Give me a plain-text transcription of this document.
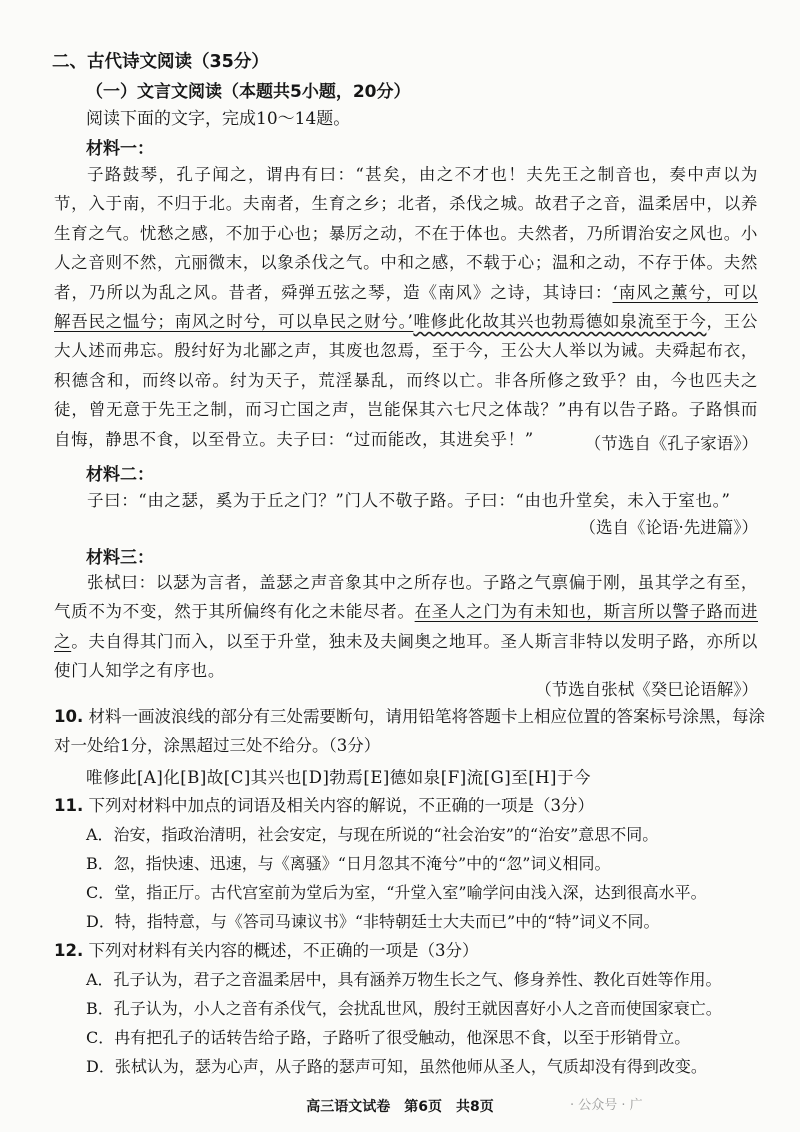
二、古代诗文阅读（35分）
（一）文言文阅读（本题共5小题，20分）
阅读下面的文字，完成10～14题。
材料一：
子路鼓琴，孔子闻之，谓冉有曰：“甚矣，由之不才也！夫先王之制音也，奏中声以为节，入于南，不归于北。夫南者，生育之乡；北者，杀伐之城。故君子之音，温柔居中，以养生育之气。忧愁之感，不加于心也；暴厉之动，不在于体也。夫然者，乃所谓治安之风也。小人之音则不然，亢丽微末，以象杀伐之气。中和之感，不载于心；温和之动，不存于体。夫然者，乃所以为乱之风。昔者，舜弹五弦之琴，造《南风》之诗，其诗曰：‘南风之薰兮，可以解吾民之愠兮；南风之时兮，可以阜民之财兮。’唯修此化故其兴也勃焉德如泉流至于今，王公大人述而弗忘。殷纣好为北鄙之声，其废也忽焉，至于今，王公大人举以为诫。夫舜起布衣，积德含和，而终以帝。纣为天子，荒淫暴乱，而终以亡。非各所修之致乎？由，今也匹夫之徒，曾无意于先王之制，而习亡国之声，岂能保其六七尺之体哉？”冉有以告子路。子路惧而自悔，静思不食，以至骨立。夫子曰：“过而能改，其进矣乎！”	（节选自《孔子家语》）
材料二：
子曰：“由之瑟，奚为于丘之门？”门人不敬子路。子曰：“由也升堂矣，未入于室也。”
（选自《论语·先进篇》）
材料三：
张栻曰：以瑟为言者，盖瑟之声音象其中之所存也。子路之气禀偏于刚，虽其学之有至，气质不为不变，然于其所偏终有化之未能尽者。在圣人之门为有未知也，斯言所以警子路而进之。夫自得其门而入，以至于升堂，独未及夫阃奥之地耳。圣人斯言非特以发明子路，亦所以使门人知学之有序也。
（节选自张栻《癸巳论语解》）
10. 材料一画波浪线的部分有三处需要断句，请用铅笔将答题卡上相应位置的答案标号涂黑，每涂对一处给1分，涂黑超过三处不给分。（3分）
唯修此[A]化[B]故[C]其兴也[D]勃焉[E]德如泉[F]流[G]至[H]于今
11. 下列对材料中加点的词语及相关内容的解说，不正确的一项是（3分）
A．治安，指政治清明，社会安定，与现在所说的“社会治安”的“治安”意思不同。
B．忽，指快速、迅速，与《离骚》“日月忽其不淹兮”中的“忽”词义相同。
C．堂，指正厅。古代宫室前为堂后为室，“升堂入室”喻学问由浅入深，达到很高水平。
D．特，指特意，与《答司马谏议书》“非特朝廷士大夫而已”中的“特”词义不同。
12. 下列对材料有关内容的概述，不正确的一项是（3分）
A．孔子认为，君子之音温柔居中，具有涵养万物生长之气、修身养性、教化百姓等作用。
B．孔子认为，小人之音有杀伐气，会扰乱世风，殷纣王就因喜好小人之音而使国家衰亡。
C．冉有把孔子的话转告给子路，子路听了很受触动，他深思不食，以至于形销骨立。
D．张栻认为，瑟为心声，从子路的瑟声可知，虽然他师从圣人，气质却没有得到改变。
高三语文试卷　第6页　共8页	· 公众号 · 广
